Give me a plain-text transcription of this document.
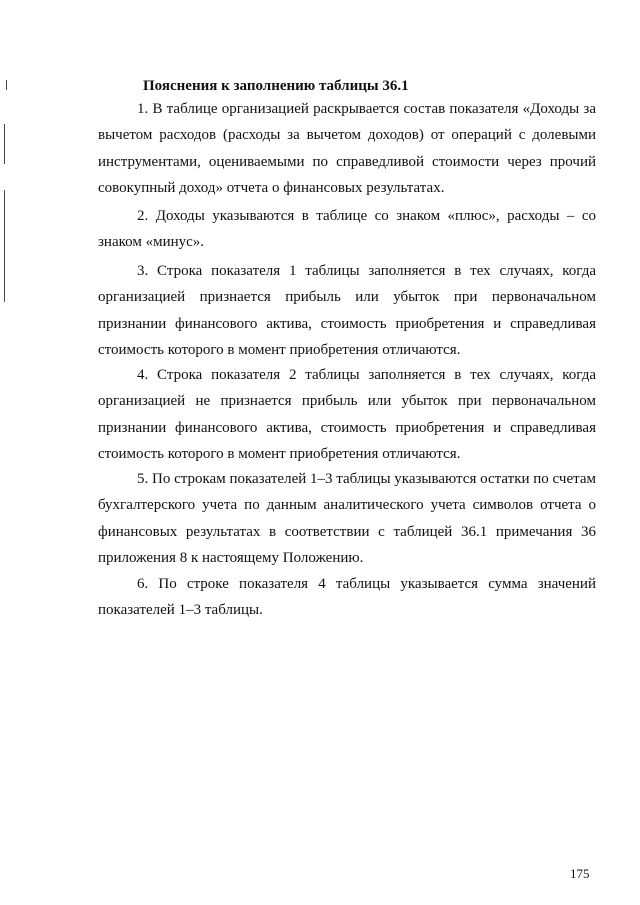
Пояснения к заполнению таблицы 36.1

1. В таблице организацией раскрывается состав показателя «Доходы за вычетом расходов (расходы за вычетом доходов) от операций с долевыми инструментами, оцениваемыми по справедливой стоимости через прочий совокупный доход» отчета о финансовых результатах.

2. Доходы указываются в таблице со знаком «плюс», расходы – со знаком «минус».

3. Строка показателя 1 таблицы заполняется в тех случаях, когда организацией признается прибыль или убыток при первоначальном признании финансового актива, стоимость приобретения и справедливая стоимость которого в момент приобретения отличаются.

4. Строка показателя 2 таблицы заполняется в тех случаях, когда организацией не признается прибыль или убыток при первоначальном признании финансового актива, стоимость приобретения и справедливая стоимость которого в момент приобретения отличаются.

5. По строкам показателей 1–3 таблицы указываются остатки по счетам бухгалтерского учета по данным аналитического учета символов отчета о финансовых результатах в соответствии с таблицей 36.1 примечания 36 приложения 8 к настоящему Положению.

6. По строке показателя 4 таблицы указывается сумма значений показателей 1–3 таблицы.

175
